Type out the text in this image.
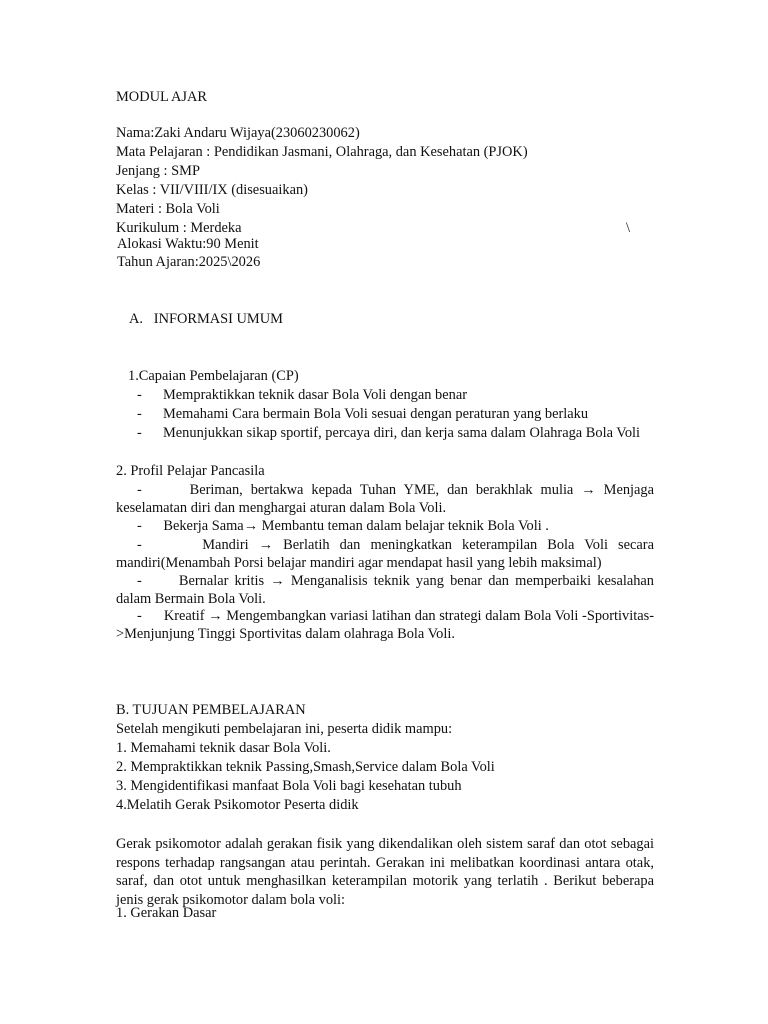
MODUL AJAR
Nama:Zaki Andaru Wijaya(23060230062)
Mata Pelajaran : Pendidikan Jasmani, Olahraga, dan Kesehatan (PJOK)
Jenjang : SMP
Kelas : VII/VIII/IX (disesuaikan)
Materi : Bola Voli
Kurikulum : Merdeka	\
Alokasi Waktu:90 Menit
Tahun Ajaran:2025\2026
A.   INFORMASI UMUM
1.Capaian Pembelajaran (CP)
- Mempraktikkan teknik dasar Bola Voli dengan benar
- Memahami Cara bermain Bola Voli sesuai dengan peraturan yang berlaku
- Menunjukkan sikap sportif, percaya diri, dan kerja sama dalam Olahraga Bola Voli
2. Profil Pelajar Pancasila
-      Beriman, bertakwa kepada Tuhan YME, dan berakhlak mulia → Menjaga keselamatan diri dan menghargai aturan dalam Bola Voli.
-      Bekerja Sama→ Membantu teman dalam belajar teknik Bola Voli .
-      Mandiri → Berlatih dan meningkatkan keterampilan Bola Voli secara mandiri(Menambah Porsi belajar mandiri agar mendapat hasil yang lebih maksimal)
-      Bernalar kritis → Menganalisis teknik yang benar dan memperbaiki kesalahan dalam Bermain Bola Voli.
-      Kreatif → Mengembangkan variasi latihan dan strategi dalam Bola Voli -Sportivitas->Menjunjung Tinggi Sportivitas dalam olahraga Bola Voli.
B. TUJUAN PEMBELAJARAN
Setelah mengikuti pembelajaran ini, peserta didik mampu:
1. Memahami teknik dasar Bola Voli.
2. Mempraktikkan teknik Passing,Smash,Service dalam Bola Voli
3. Mengidentifikasi manfaat Bola Voli bagi kesehatan tubuh
4.Melatih Gerak Psikomotor Peserta didik
Gerak psikomotor adalah gerakan fisik yang dikendalikan oleh sistem saraf dan otot sebagai respons terhadap rangsangan atau perintah. Gerakan ini melibatkan koordinasi antara otak, saraf, dan otot untuk menghasilkan keterampilan motorik yang terlatih . Berikut beberapa jenis gerak psikomotor dalam bola voli:
1. Gerakan Dasar
